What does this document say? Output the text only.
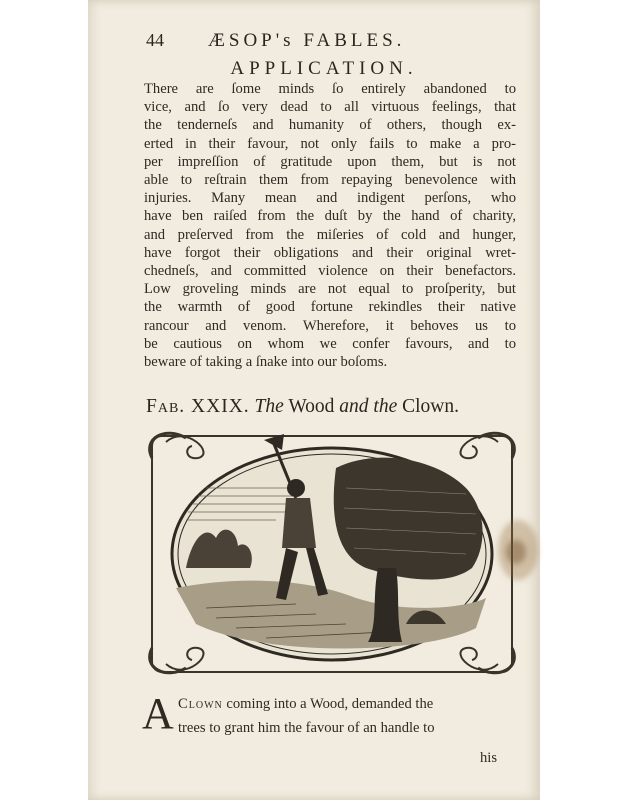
44 ÆSOP's FABLES.
APPLICATION.
There are ſome minds ſo entirely abandoned to
vice, and ſo very dead to all virtuous feelings, that
the tenderneſs and humanity of others, though ex-
erted in their favour, not only fails to make a pro-
per impreſſion of gratitude upon them, but is not
able to reſtrain them from repaying benevolence with
injuries. Many mean and indigent perſons, who
have ben raiſed from the duſt by the hand of charity,
and preſerved from the miſeries of cold and hunger,
have forgot their obligations and their original wret-
chedneſs, and committed violence on their benefactors.
Low groveling minds are not equal to proſperity, but
the warmth of good fortune rekindles their native
rancour and venom. Wherefore, it behoves us to
be cautious on whom we confer favours, and to
beware of taking a ſnake into our boſoms.
Fab. XXIX. The Wood and the Clown.
A Clown coming into a Wood, demanded the
trees to grant him the favour of an handle to
his
